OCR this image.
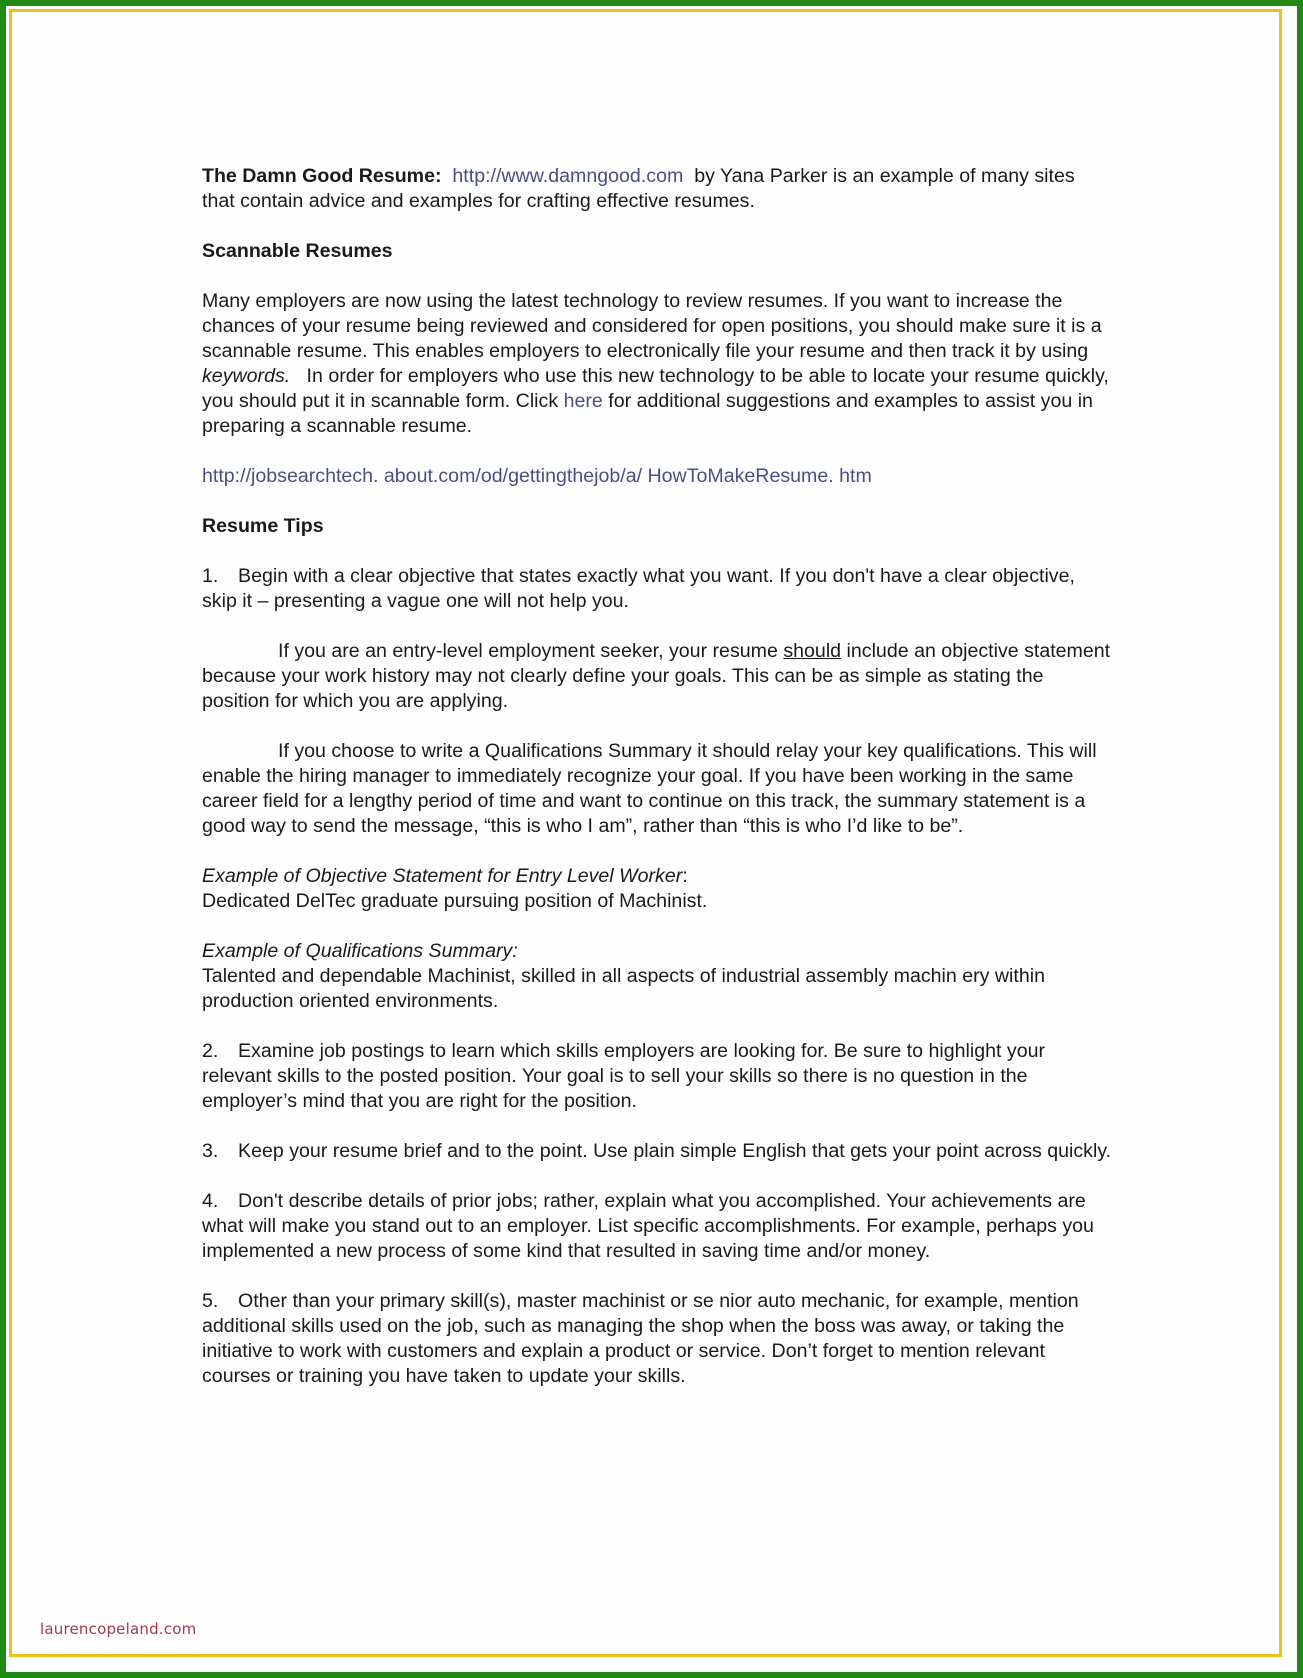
The Damn Good Resume: http://www.damngood.com by Yana Parker is an example of many sites that contain advice and examples for crafting effective resumes.

Scannable Resumes

Many employers are now using the latest technology to review resumes. If you want to increase the chances of your resume being reviewed and considered for open positions, you should make sure it is a scannable resume. This enables employers to electronically file your resume and then track it by using keywords. In order for employers who use this new technology to be able to locate your resume quickly, you should put it in scannable form. Click here for additional suggestions and examples to assist you in preparing a scannable resume.

http://jobsearchtech. about.com/od/gettingthejob/a/ HowToMakeResume. htm

Resume Tips

1. Begin with a clear objective that states exactly what you want. If you don't have a clear objective, skip it – presenting a vague one will not help you.

If you are an entry-level employment seeker, your resume should include an objective statement because your work history may not clearly define your goals. This can be as simple as stating the position for which you are applying.

If you choose to write a Qualifications Summary it should relay your key qualifications. This will enable the hiring manager to immediately recognize your goal. If you have been working in the same career field for a lengthy period of time and want to continue on this track, the summary statement is a good way to send the message, “this is who I am”, rather than “this is who I’d like to be”.

Example of Objective Statement for Entry Level Worker:
Dedicated DelTec graduate pursuing position of Machinist.

Example of Qualifications Summary:
Talented and dependable Machinist, skilled in all aspects of industrial assembly machin ery within production oriented environments.

2. Examine job postings to learn which skills employers are looking for. Be sure to highlight your relevant skills to the posted position. Your goal is to sell your skills so there is no question in the employer’s mind that you are right for the position.

3. Keep your resume brief and to the point. Use plain simple English that gets your point across quickly.

4. Don't describe details of prior jobs; rather, explain what you accomplished. Your achievements are what will make you stand out to an employer. List specific accomplishments. For example, perhaps you implemented a new process of some kind that resulted in saving time and/or money.

5. Other than your primary skill(s), master machinist or se nior auto mechanic, for example, mention additional skills used on the job, such as managing the shop when the boss was away, or taking the initiative to work with customers and explain a product or service. Don’t forget to mention relevant courses or training you have taken to update your skills.

laurencopeland.com
